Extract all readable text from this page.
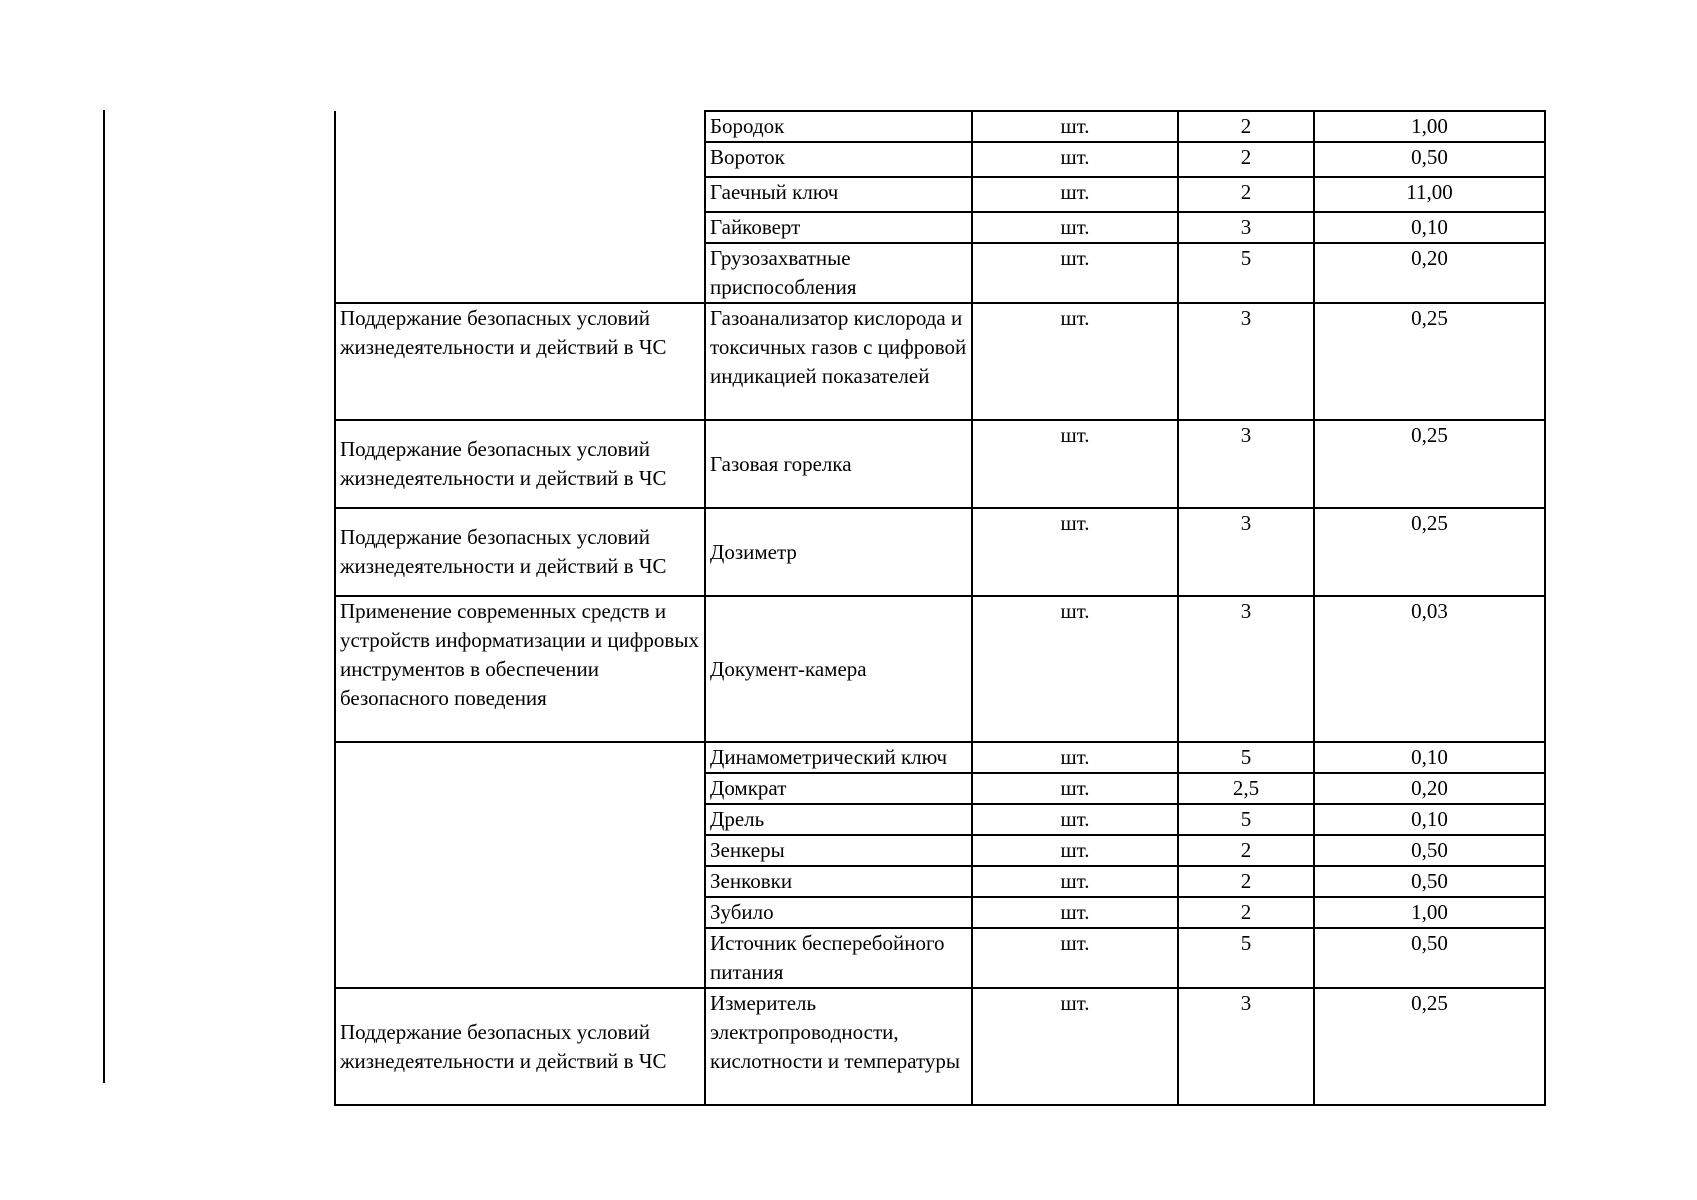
	Бородок	шт.	2	1,00
	Вороток	шт.	2	0,50
	Гаечный ключ	шт.	2	11,00
	Гайковерт	шт.	3	0,10
	Грузозахватные приспособления	шт.	5	0,20
Поддержание безопасных условий жизнедеятельности и действий в ЧС	Газоанализатор кислорода и токсичных газов с цифровой индикацией показателей	шт.	3	0,25
Поддержание безопасных условий жизнедеятельности и действий в ЧС	Газовая горелка	шт.	3	0,25
Поддержание безопасных условий жизнедеятельности и действий в ЧС	Дозиметр	шт.	3	0,25
Применение современных средств и устройств информатизации и цифровых инструментов в обеспечении безопасного поведения	Документ-камера	шт.	3	0,03
	Динамометрический ключ	шт.	5	0,10
	Домкрат	шт.	2,5	0,20
	Дрель	шт.	5	0,10
	Зенкеры	шт.	2	0,50
	Зенковки	шт.	2	0,50
	Зубило	шт.	2	1,00
	Источник бесперебойного питания	шт.	5	0,50
Поддержание безопасных условий жизнедеятельности и действий в ЧС	Измеритель электропроводности, кислотности и температуры	шт.	3	0,25
